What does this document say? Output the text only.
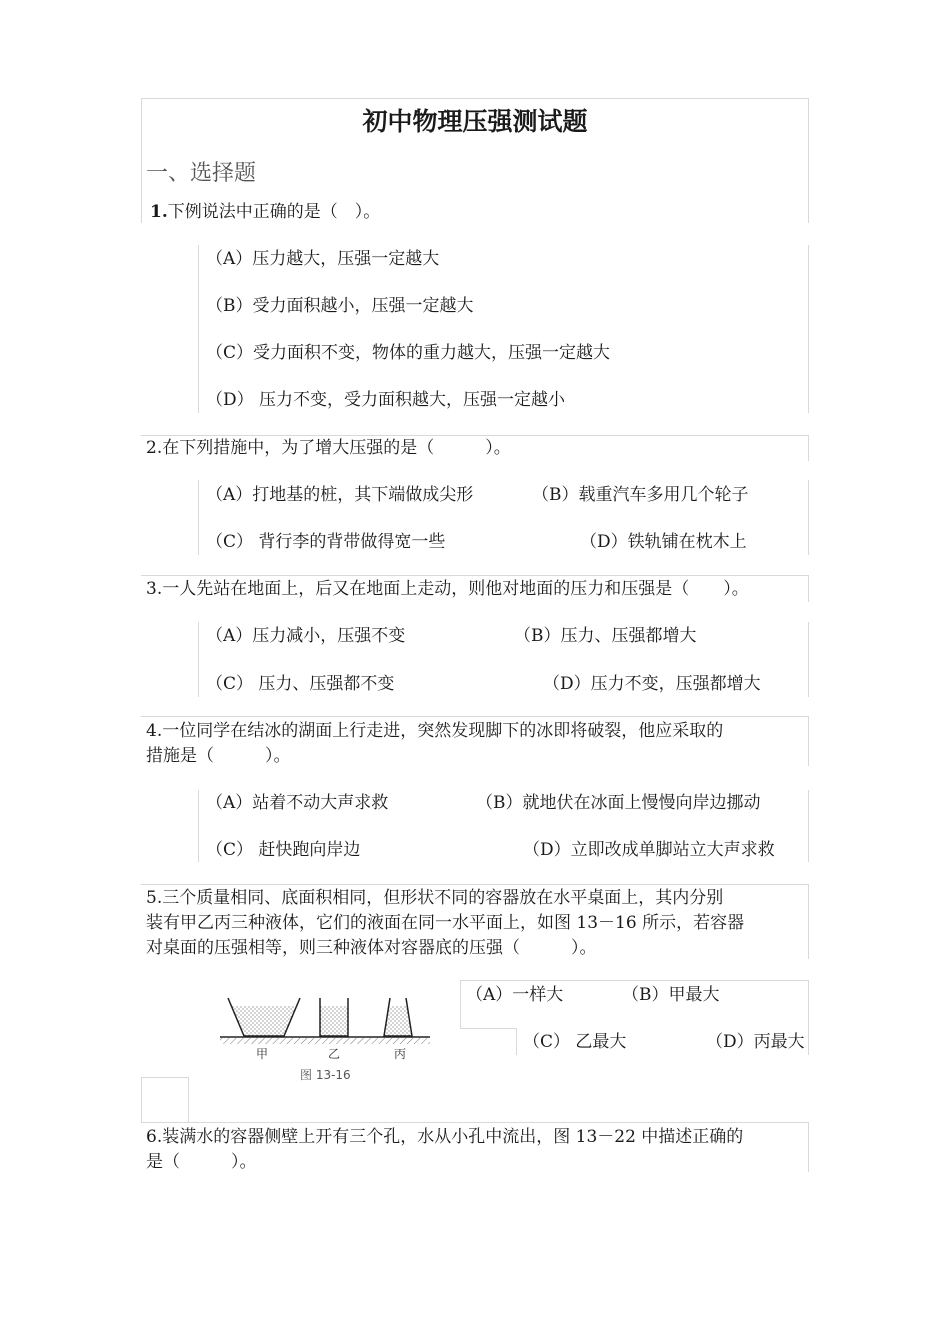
初中物理压强测试题
一、选择题
1.下例说法中正确的是（　）。
（A）压力越大，压强一定越大
（B）受力面积越小，压强一定越大
（C）受力面积不变，物体的重力越大，压强一定越大
（D） 压力不变，受力面积越大，压强一定越小
2.在下列措施中，为了增大压强的是（　　　）。
（A）打地基的桩，其下端做成尖形	（B）载重汽车多用几个轮子
（C） 背行李的背带做得宽一些	（D）铁轨铺在枕木上
3.一人先站在地面上，后又在地面上走动，则他对地面的压力和压强是（　　）。
（A）压力减小，压强不变	（B）压力、压强都增大
（C） 压力、压强都不变	（D）压力不变，压强都增大
4.一位同学在结冰的湖面上行走进，突然发现脚下的冰即将破裂，他应采取的
措施是（　　　）。
（A）站着不动大声求救	（B）就地伏在冰面上慢慢向岸边挪动
（C） 赶快跑向岸边	（D）立即改成单脚站立大声求救
5.三个质量相同、底面积相同，但形状不同的容器放在水平桌面上，其内分别
装有甲乙丙三种液体，它们的液面在同一水平面上，如图 13－16 所示，若容器
对桌面的压强相等，则三种液体对容器底的压强（　　　）。
（A）一样大	（B）甲最大
（C） 乙最大	（D）丙最大
甲	乙	丙
图 13-16
6.装满水的容器侧壁上开有三个孔，水从小孔中流出，图 13－22 中描述正确的
是（　　　）。
